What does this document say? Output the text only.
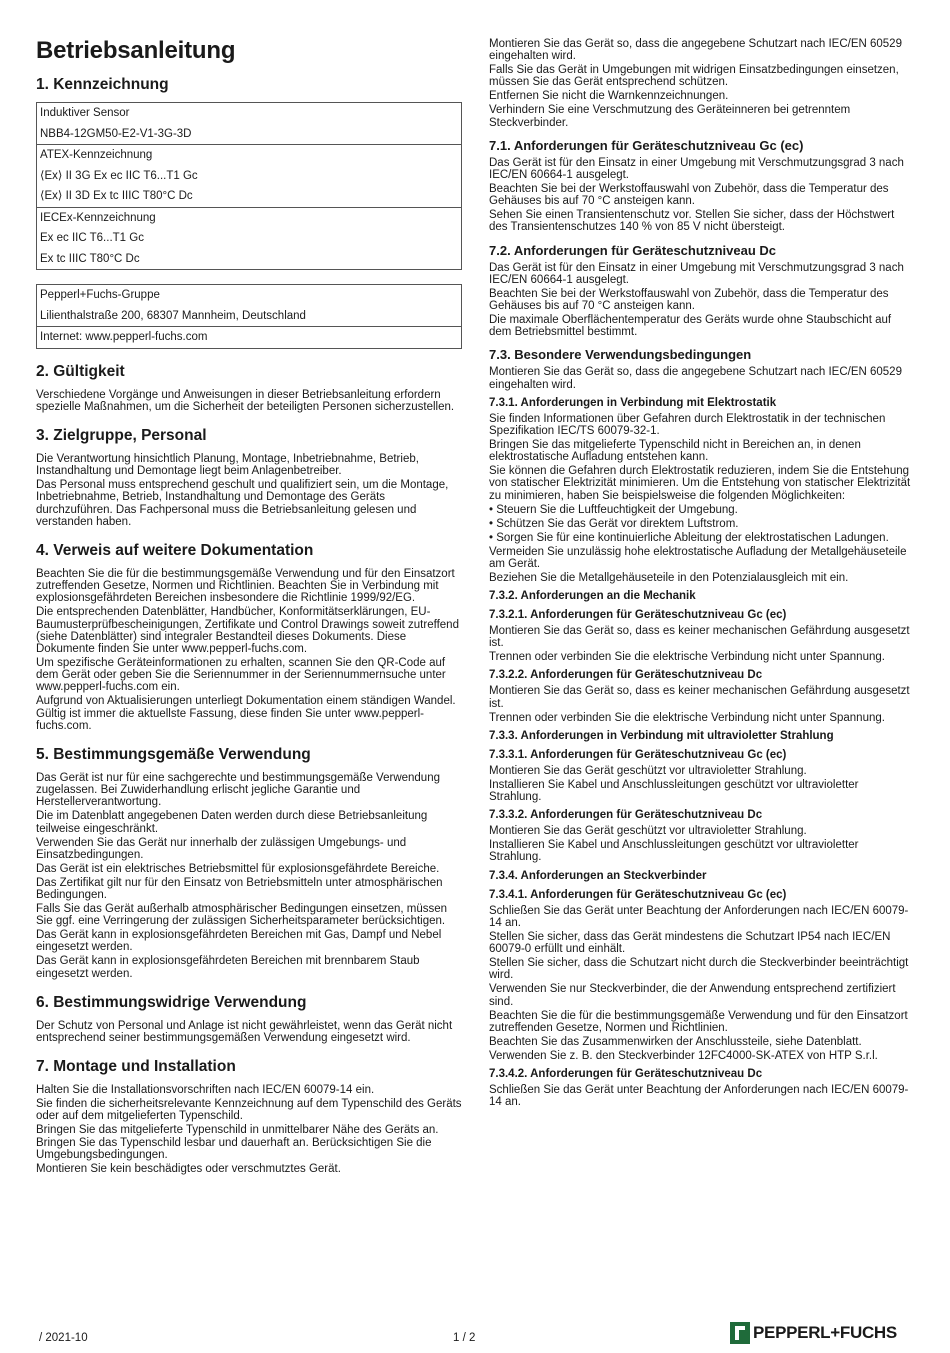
Betriebsanleitung
1. Kennzeichnung
Induktiver Sensor
NBB4-12GM50-E2-V1-3G-3D
ATEX-Kennzeichnung
⟨Ex⟩ II 3G Ex ec IIC T6...T1 Gc
⟨Ex⟩ II 3D Ex tc IIIC T80°C Dc
IECEx-Kennzeichnung
Ex ec IIC T6...T1 Gc
Ex tc IIIC T80°C Dc
Pepperl+Fuchs-Gruppe
Lilienthalstraße 200, 68307 Mannheim, Deutschland
Internet: www.pepperl-fuchs.com
2. Gültigkeit

Verschiedene Vorgänge und Anweisungen in dieser Betriebsanleitung erfordern spezielle Maßnahmen, um die Sicherheit der beteiligten Personen sicherzustellen.

3. Zielgruppe, Personal

Die Verantwortung hinsichtlich Planung, Montage, Inbetriebnahme, Betrieb, Instandhaltung und Demontage liegt beim Anlagenbetreiber.

Das Personal muss entsprechend geschult und qualifiziert sein, um die Montage, Inbetriebnahme, Betrieb, Instandhaltung und Demontage des Geräts durchzuführen. Das Fachpersonal muss die Betriebsanleitung gelesen und verstanden haben.

4. Verweis auf weitere Dokumentation

Beachten Sie die für die bestimmungsgemäße Verwendung und für den Einsatzort zutreffenden Gesetze, Normen und Richtlinien. Beachten Sie in Verbindung mit explosionsgefährdeten Bereichen insbesondere die Richtlinie 1999/92/EG.

Die entsprechenden Datenblätter, Handbücher, Konformitätserklärungen, EU-Baumusterprüfbescheinigungen, Zertifikate und Control Drawings soweit zutreffend (siehe Datenblätter) sind integraler Bestandteil dieses Dokuments. Diese Dokumente finden Sie unter www.pepperl-fuchs.com.

Um spezifische Geräteinformationen zu erhalten, scannen Sie den QR-Code auf dem Gerät oder geben Sie die Seriennummer in der Seriennummernsuche unter www.pepperl-fuchs.com ein.

Aufgrund von Aktualisierungen unterliegt Dokumentation einem ständigen Wandel. Gültig ist immer die aktuellste Fassung, diese finden Sie unter www.pepperl-fuchs.com.

5. Bestimmungsgemäße Verwendung

Das Gerät ist nur für eine sachgerechte und bestimmungsgemäße Verwendung zugelassen. Bei Zuwiderhandlung erlischt jegliche Garantie und Herstellerverantwortung.

Die im Datenblatt angegebenen Daten werden durch diese Betriebsanleitung teilweise eingeschränkt.

Verwenden Sie das Gerät nur innerhalb der zulässigen Umgebungs- und Einsatzbedingungen.

Das Gerät ist ein elektrisches Betriebsmittel für explosionsgefährdete Bereiche.

Das Zertifikat gilt nur für den Einsatz von Betriebsmitteln unter atmosphärischen Bedingungen.

Falls Sie das Gerät außerhalb atmosphärischer Bedingungen einsetzen, müssen Sie ggf. eine Verringerung der zulässigen Sicherheitsparameter berücksichtigen.

Das Gerät kann in explosionsgefährdeten Bereichen mit Gas, Dampf und Nebel eingesetzt werden.

Das Gerät kann in explosionsgefährdeten Bereichen mit brennbarem Staub eingesetzt werden.

6. Bestimmungswidrige Verwendung

Der Schutz von Personal und Anlage ist nicht gewährleistet, wenn das Gerät nicht entsprechend seiner bestimmungsgemäßen Verwendung eingesetzt wird.

7. Montage und Installation

Halten Sie die Installationsvorschriften nach IEC/EN 60079-14 ein.

Sie finden die sicherheitsrelevante Kennzeichnung auf dem Typenschild des Geräts oder auf dem mitgelieferten Typenschild.

Bringen Sie das mitgelieferte Typenschild in unmittelbarer Nähe des Geräts an. Bringen Sie das Typenschild lesbar und dauerhaft an. Berücksichtigen Sie die Umgebungsbedingungen.

Montieren Sie kein beschädigtes oder verschmutztes Gerät.

Montieren Sie das Gerät so, dass die angegebene Schutzart nach IEC/EN 60529 eingehalten wird.

Falls Sie das Gerät in Umgebungen mit widrigen Einsatzbedingungen einsetzen, müssen Sie das Gerät entsprechend schützen.

Entfernen Sie nicht die Warnkennzeichnungen.

Verhindern Sie eine Verschmutzung des Geräteinneren bei getrenntem Steckverbinder.

7.1. Anforderungen für Geräteschutzniveau Gc (ec)

Das Gerät ist für den Einsatz in einer Umgebung mit Verschmutzungsgrad 3 nach IEC/EN 60664-1 ausgelegt.

Beachten Sie bei der Werkstoffauswahl von Zubehör, dass die Temperatur des Gehäuses bis auf 70 °C ansteigen kann.

Sehen Sie einen Transientenschutz vor. Stellen Sie sicher, dass der Höchstwert des Transientenschutzes 140 % von 85 V nicht übersteigt.

7.2. Anforderungen für Geräteschutzniveau Dc

Das Gerät ist für den Einsatz in einer Umgebung mit Verschmutzungsgrad 3 nach IEC/EN 60664-1 ausgelegt.

Beachten Sie bei der Werkstoffauswahl von Zubehör, dass die Temperatur des Gehäuses bis auf 70 °C ansteigen kann.

Die maximale Oberflächentemperatur des Geräts wurde ohne Staubschicht auf dem Betriebsmittel bestimmt.

7.3. Besondere Verwendungsbedingungen

Montieren Sie das Gerät so, dass die angegebene Schutzart nach IEC/EN 60529 eingehalten wird.

7.3.1. Anforderungen in Verbindung mit Elektrostatik

Sie finden Informationen über Gefahren durch Elektrostatik in der technischen Spezifikation IEC/TS 60079-32-1.

Bringen Sie das mitgelieferte Typenschild nicht in Bereichen an, in denen elektrostatische Aufladung entstehen kann.

Sie können die Gefahren durch Elektrostatik reduzieren, indem Sie die Entstehung von statischer Elektrizität minimieren. Um die Entstehung von statischer Elektrizität zu minimieren, haben Sie beispielsweise die folgenden Möglichkeiten:

• Steuern Sie die Luftfeuchtigkeit der Umgebung.

• Schützen Sie das Gerät vor direktem Luftstrom.

• Sorgen Sie für eine kontinuierliche Ableitung der elektrostatischen Ladungen.

Vermeiden Sie unzulässig hohe elektrostatische Aufladung der Metallgehäuseteile am Gerät.

Beziehen Sie die Metallgehäuseteile in den Potenzialausgleich mit ein.

7.3.2. Anforderungen an die Mechanik
7.3.2.1. Anforderungen für Geräteschutzniveau Gc (ec)

Montieren Sie das Gerät so, dass es keiner mechanischen Gefährdung ausgesetzt ist.

Trennen oder verbinden Sie die elektrische Verbindung nicht unter Spannung.

7.3.2.2. Anforderungen für Geräteschutzniveau Dc

Montieren Sie das Gerät so, dass es keiner mechanischen Gefährdung ausgesetzt ist.

Trennen oder verbinden Sie die elektrische Verbindung nicht unter Spannung.

7.3.3. Anforderungen in Verbindung mit ultravioletter Strahlung
7.3.3.1. Anforderungen für Geräteschutzniveau Gc (ec)

Montieren Sie das Gerät geschützt vor ultravioletter Strahlung.

Installieren Sie Kabel und Anschlussleitungen geschützt vor ultravioletter Strahlung.

7.3.3.2. Anforderungen für Geräteschutzniveau Dc

Montieren Sie das Gerät geschützt vor ultravioletter Strahlung.

Installieren Sie Kabel und Anschlussleitungen geschützt vor ultravioletter Strahlung.

7.3.4. Anforderungen an Steckverbinder
7.3.4.1. Anforderungen für Geräteschutzniveau Gc (ec)

Schließen Sie das Gerät unter Beachtung der Anforderungen nach IEC/EN 60079-14 an.

Stellen Sie sicher, dass das Gerät mindestens die Schutzart IP54 nach IEC/EN 60079-0 erfüllt und einhält.

Stellen Sie sicher, dass die Schutzart nicht durch die Steckverbinder beeinträchtigt wird.

Verwenden Sie nur Steckverbinder, die der Anwendung entsprechend zertifiziert sind.

Beachten Sie die für die bestimmungsgemäße Verwendung und für den Einsatzort zutreffenden Gesetze, Normen und Richtlinien.

Beachten Sie das Zusammenwirken der Anschlussteile, siehe Datenblatt.

Verwenden Sie z. B. den Steckverbinder 12FC4000-SK-ATEX von HTP S.r.l.

7.3.4.2. Anforderungen für Geräteschutzniveau Dc

Schließen Sie das Gerät unter Beachtung der Anforderungen nach IEC/EN 60079-14 an.

/ 2021-10	1 / 2	PEPPERL+FUCHS
